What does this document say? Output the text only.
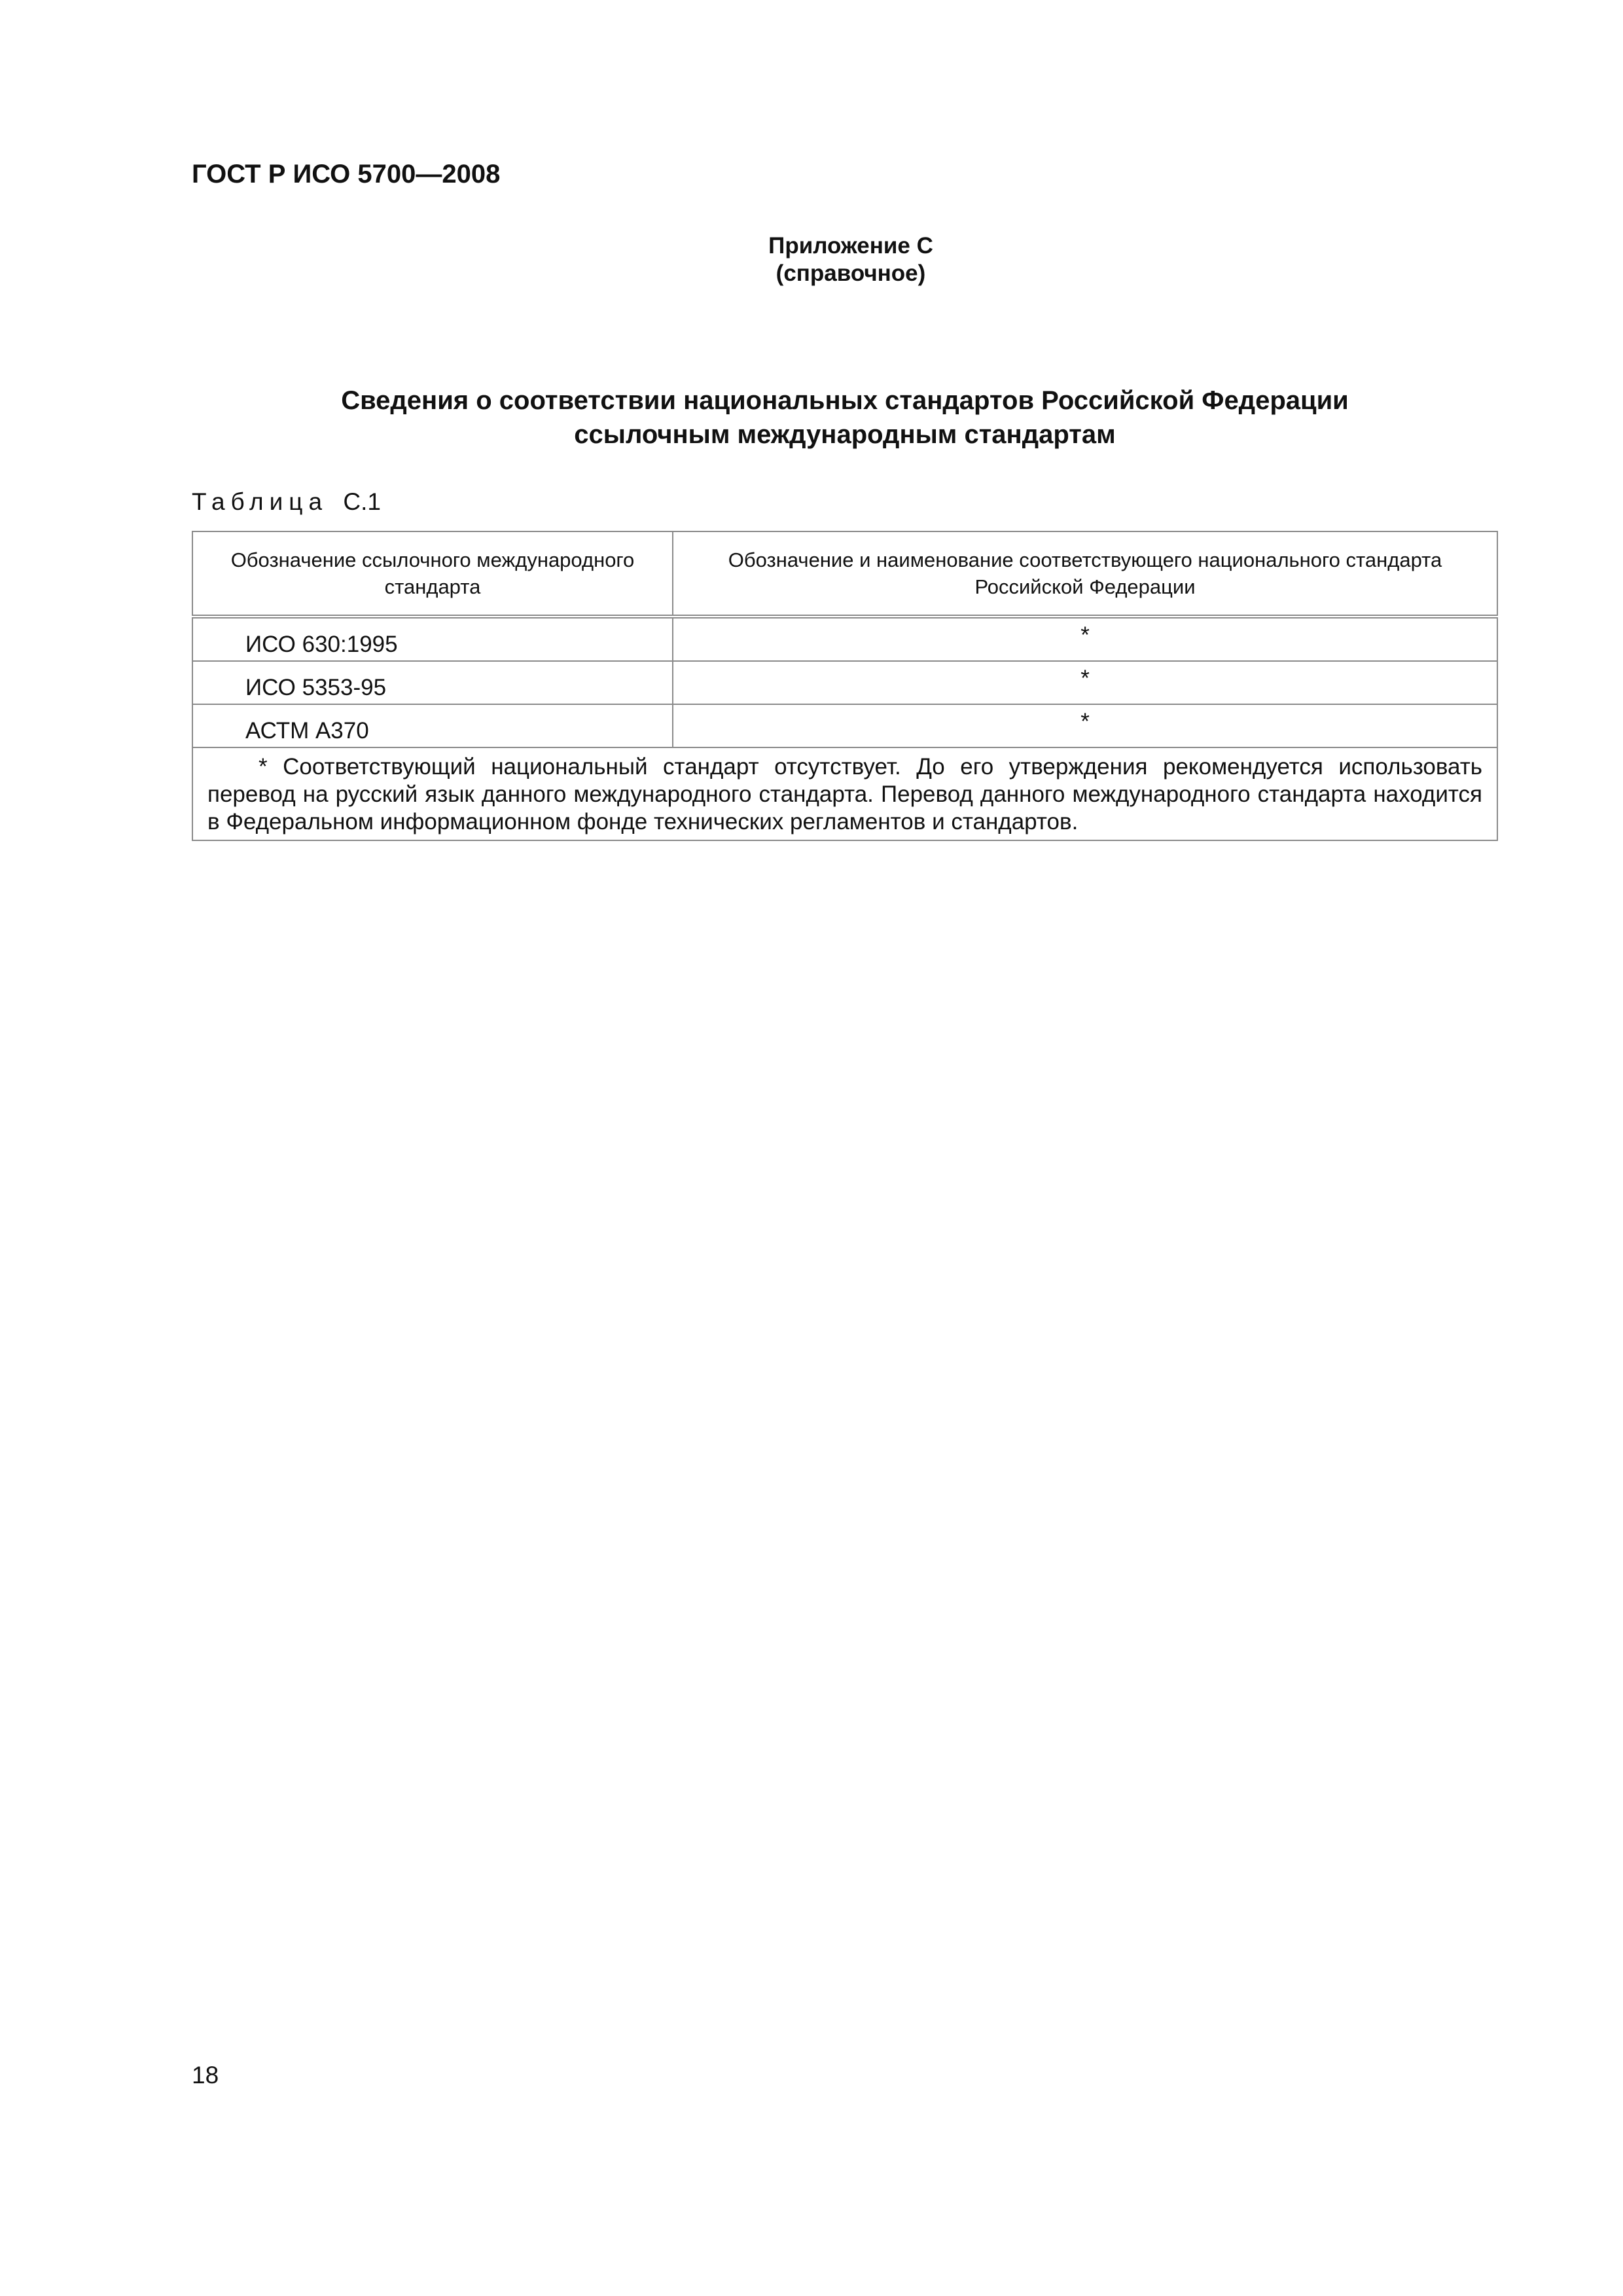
ГОСТ Р ИСО 5700—2008

Приложение С

(справочное)

Сведения о соответствии национальных стандартов Российской Федерации

ссылочным международным стандартам

Таблица С.1

Обозначение ссылочного международного стандарта	Обозначение и наименование соответствующего национального стандарта Российской Федерации
ИСО 630:1995	*
ИСО 5353-95	*
АСТМ А370	*

* Соответствующий национальный стандарт отсутствует. До его утверждения рекомендуется использовать перевод на русский язык данного международного стандарта. Перевод данного международного стандарта находится в Федеральном информационном фонде технических регламентов и стандартов.	

18
